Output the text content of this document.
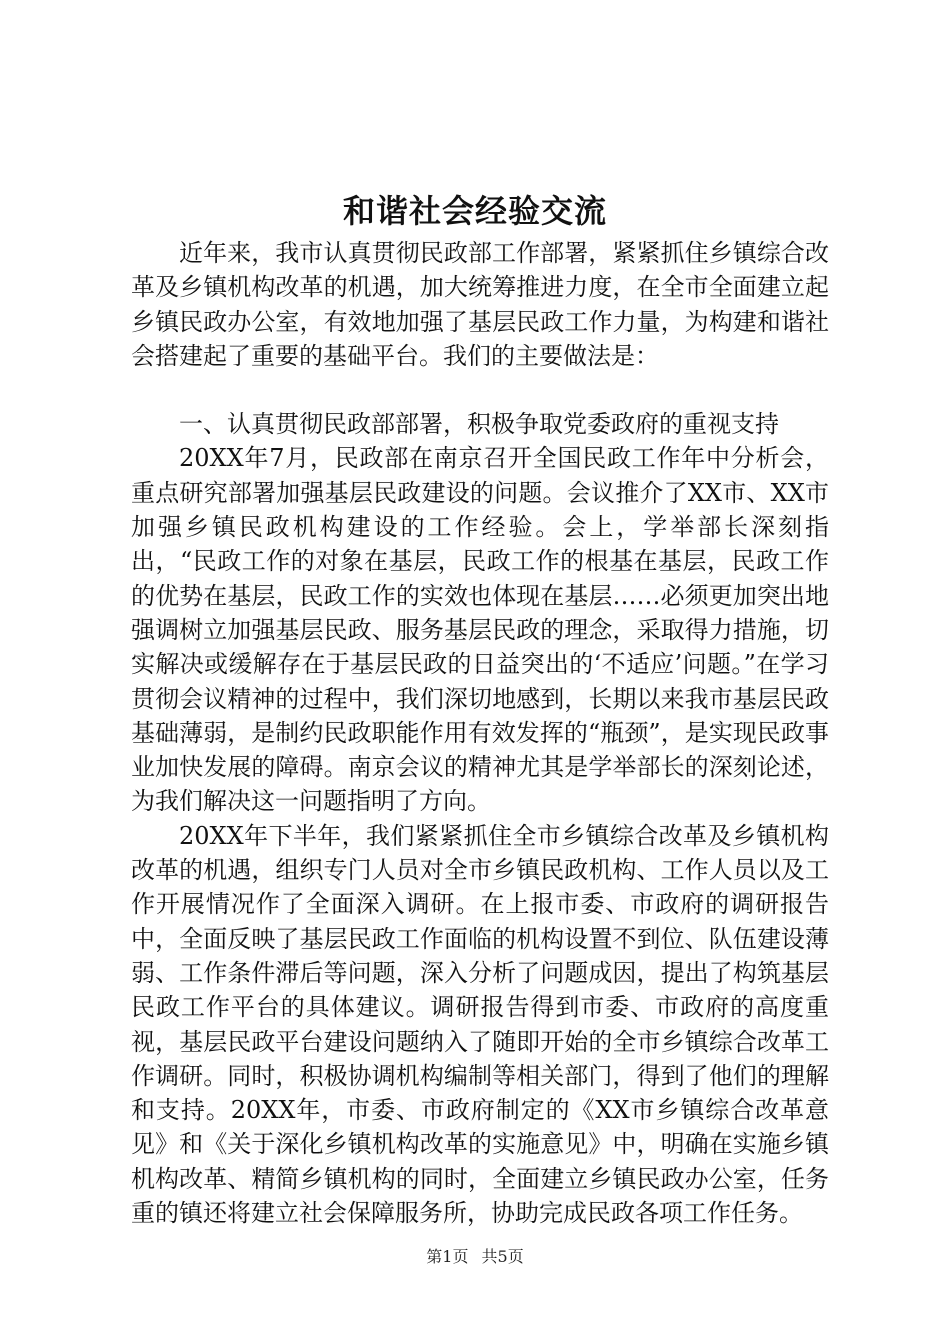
和谐社会经验交流

近年来，我市认真贯彻民政部工作部署，紧紧抓住乡镇综合改革及乡镇机构改革的机遇，加大统筹推进力度，在全市全面建立起乡镇民政办公室，有效地加强了基层民政工作力量，为构建和谐社会搭建起了重要的基础平台。我们的主要做法是：

一、认真贯彻民政部部署，积极争取党委政府的重视支持

20XX年7月，民政部在南京召开全国民政工作年中分析会，重点研究部署加强基层民政建设的问题。会议推介了XX市、XX市加强乡镇民政机构建设的工作经验。会上，学举部长深刻指出，“民政工作的对象在基层，民政工作的根基在基层，民政工作的优势在基层，民政工作的实效也体现在基层……必须更加突出地强调树立加强基层民政、服务基层民政的理念，采取得力措施，切实解决或缓解存在于基层民政的日益突出的‘不适应’问题。”在学习贯彻会议精神的过程中，我们深切地感到，长期以来我市基层民政基础薄弱，是制约民政职能作用有效发挥的“瓶颈”，是实现民政事业加快发展的障碍。南京会议的精神尤其是学举部长的深刻论述，为我们解决这一问题指明了方向。

20XX年下半年，我们紧紧抓住全市乡镇综合改革及乡镇机构改革的机遇，组织专门人员对全市乡镇民政机构、工作人员以及工作开展情况作了全面深入调研。在上报市委、市政府的调研报告中，全面反映了基层民政工作面临的机构设置不到位、队伍建设薄弱、工作条件滞后等问题，深入分析了问题成因，提出了构筑基层民政工作平台的具体建议。调研报告得到市委、市政府的高度重视，基层民政平台建设问题纳入了随即开始的全市乡镇综合改革工作调研。同时，积极协调机构编制等相关部门，得到了他们的理解和支持。20XX年，市委、市政府制定的《XX市乡镇综合改革意见》和《关于深化乡镇机构改革的实施意见》中，明确在实施乡镇机构改革、精简乡镇机构的同时，全面建立乡镇民政办公室，任务重的镇还将建立社会保障服务所，协助完成民政各项工作任务。

第1页 共5页
